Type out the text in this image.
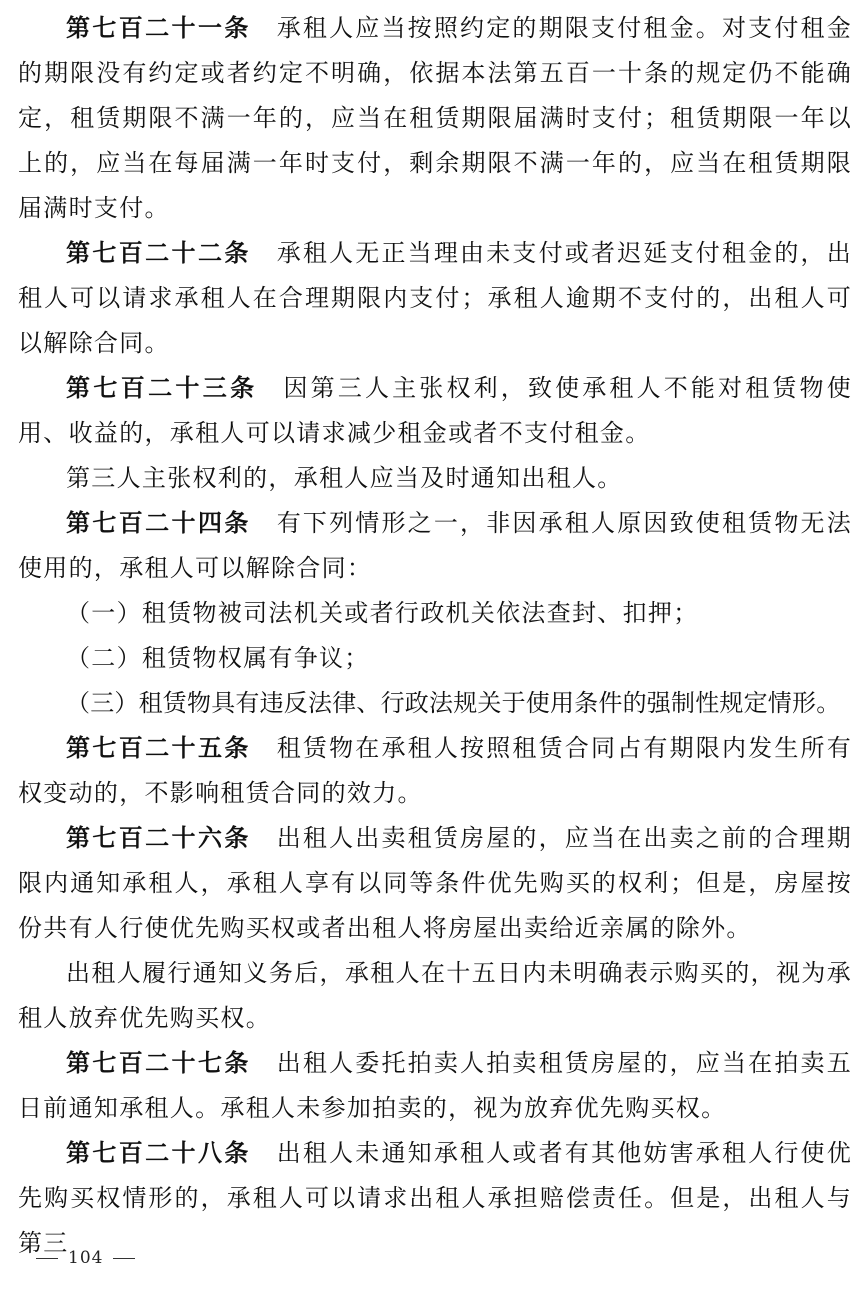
第七百二十一条 承租人应当按照约定的期限支付租金。对支付租金的期限没有约定或者约定不明确，依据本法第五百一十条的规定仍不能确定，租赁期限不满一年的，应当在租赁期限届满时支付；租赁期限一年以上的，应当在每届满一年时支付，剩余期限不满一年的，应当在租赁期限届满时支付。

第七百二十二条 承租人无正当理由未支付或者迟延支付租金的，出租人可以请求承租人在合理期限内支付；承租人逾期不支付的，出租人可以解除合同。

第七百二十三条 因第三人主张权利，致使承租人不能对租赁物使用、收益的，承租人可以请求减少租金或者不支付租金。

第三人主张权利的，承租人应当及时通知出租人。

第七百二十四条 有下列情形之一，非因承租人原因致使租赁物无法使用的，承租人可以解除合同：

（一）租赁物被司法机关或者行政机关依法查封、扣押；

（二）租赁物权属有争议；

（三）租赁物具有违反法律、行政法规关于使用条件的强制性规定情形。

第七百二十五条 租赁物在承租人按照租赁合同占有期限内发生所有权变动的，不影响租赁合同的效力。

第七百二十六条 出租人出卖租赁房屋的，应当在出卖之前的合理期限内通知承租人，承租人享有以同等条件优先购买的权利；但是，房屋按份共有人行使优先购买权或者出租人将房屋出卖给近亲属的除外。

出租人履行通知义务后，承租人在十五日内未明确表示购买的，视为承租人放弃优先购买权。

第七百二十七条 出租人委托拍卖人拍卖租赁房屋的，应当在拍卖五日前通知承租人。承租人未参加拍卖的，视为放弃优先购买权。

第七百二十八条 出租人未通知承租人或者有其他妨害承租人行使优先购买权情形的，承租人可以请求出租人承担赔偿责任。但是，出租人与第三

104
